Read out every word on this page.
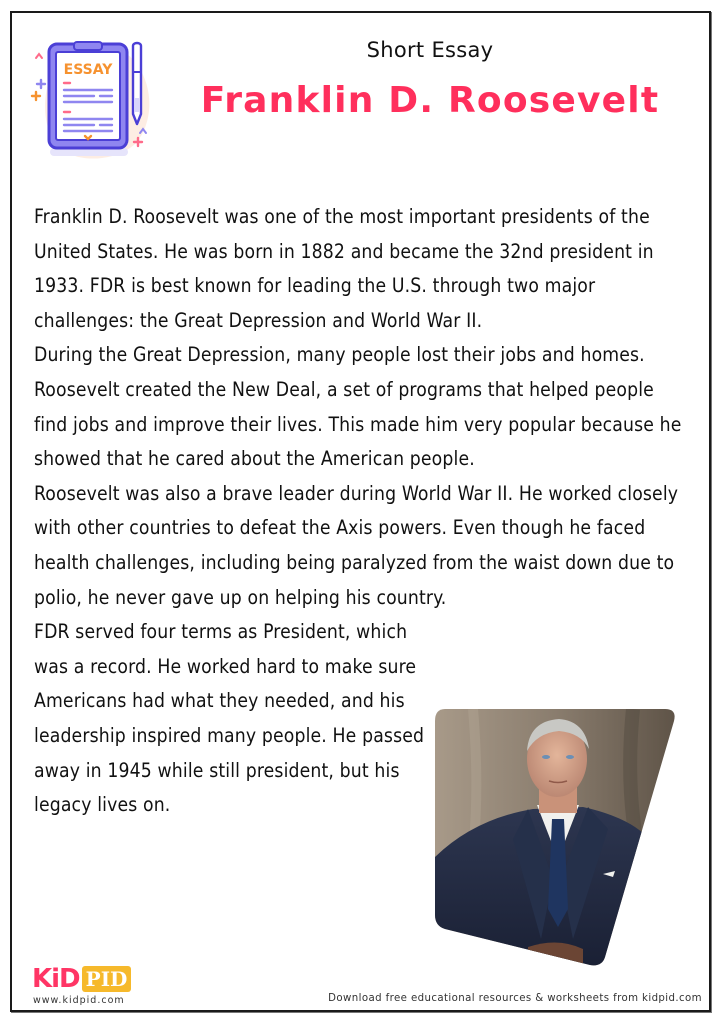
ESSAY
Short Essay
Franklin D. Roosevelt

Franklin D. Roosevelt was one of the most important presidents of the United States. He was born in 1882 and became the 32nd president in 1933. FDR is best known for leading the U.S. through two major challenges: the Great Depression and World War II.

During the Great Depression, many people lost their jobs and homes. Roosevelt created the New Deal, a set of programs that helped people find jobs and improve their lives. This made him very popular because he showed that he cared about the American people.

Roosevelt was also a brave leader during World War II. He worked closely with other countries to defeat the Axis powers. Even though he faced health challenges, including being paralyzed from the waist down due to polio, he never gave up on helping his country.

FDR served four terms as President, which was a record. He worked hard to make sure Americans had what they needed, and his leadership inspired many people. He passed away in 1945 while still president, but his legacy lives on.

KiD PID
www.kidpid.com	Download free educational resources & worksheets from kidpid.com
